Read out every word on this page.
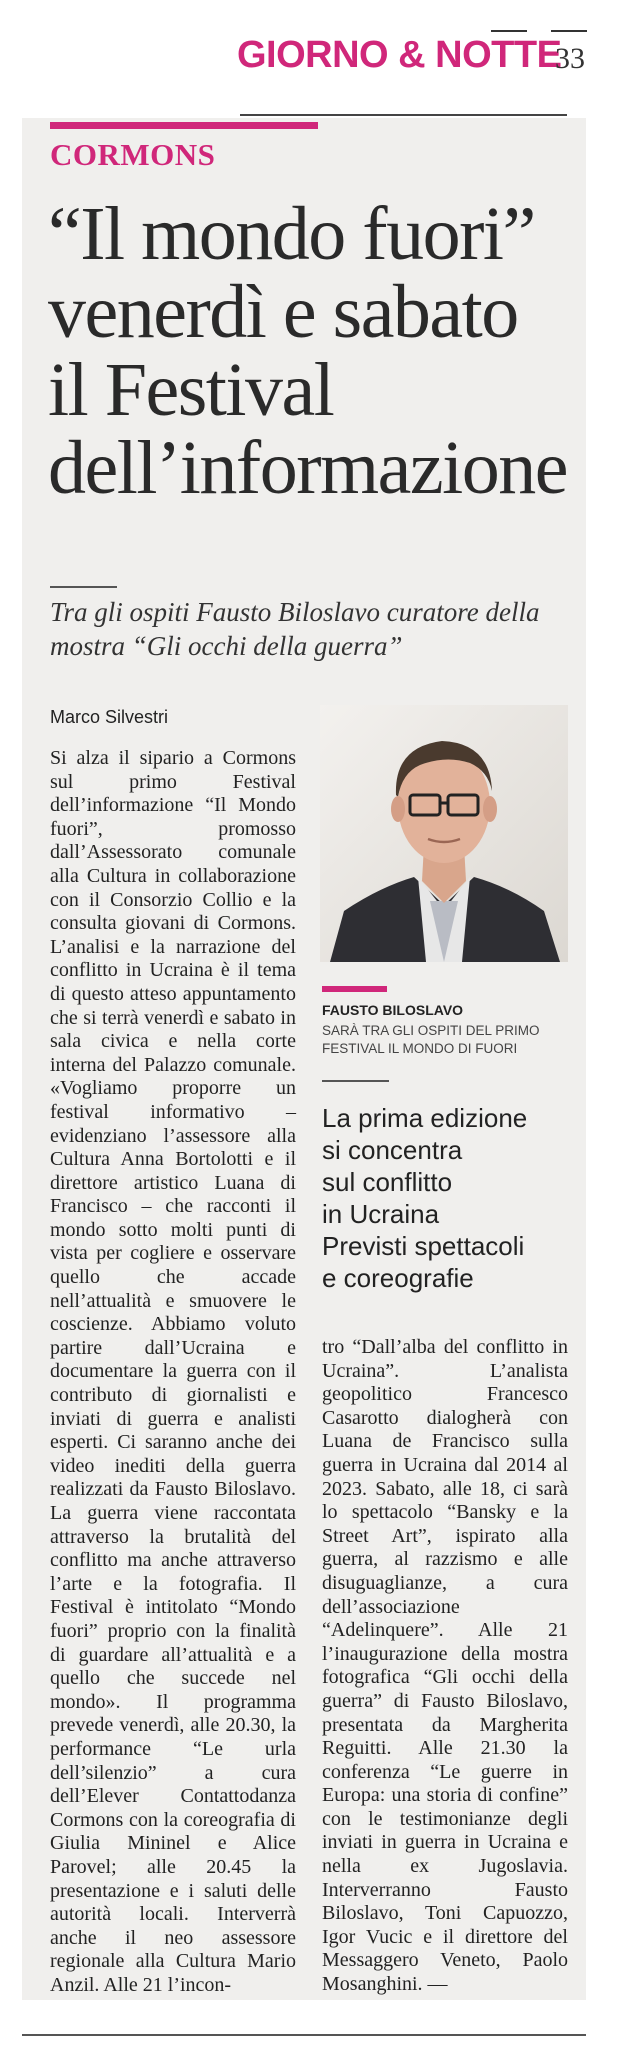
GIORNO & NOTTE
33
CORMONS
“Il mondo fuori”
venerdì e sabato
il Festival
dell’informazione
Tra gli ospiti Fausto Biloslavo curatore della mostra “Gli occhi della guerra”
Marco Silvestri
Si alza il sipario a Cormons sul primo Festival dell’informazione “Il Mondo fuori”, promosso dall’Assessorato comunale alla Cultura in collaborazione con il Consorzio Collio e la consulta giovani di Cormons. L’analisi e la narrazione del conflitto in Ucraina è il tema di questo atteso appuntamento che si terrà venerdì e sabato in sala civica e nella corte interna del Palazzo comunale. «Vogliamo proporre un festival informativo – evidenziano l’assessore alla Cultura Anna Bortolotti e il direttore artistico Luana di Francisco – che racconti il mondo sotto molti punti di vista per cogliere e osservare quello che accade nell’attualità e smuovere le coscienze. Abbiamo voluto partire dall’Ucraina e documentare la guerra con il contributo di giornalisti e inviati di guerra e analisti esperti. Ci saranno anche dei video inediti della guerra realizzati da Fausto Biloslavo. La guerra viene raccontata attraverso la brutalità del conflitto ma anche attraverso l’arte e la fotografia. Il Festival è intitolato “Mondo fuori” proprio con la finalità di guardare all’attualità e a quello che succede nel mondo». Il programma prevede venerdì, alle 20.30, la performance “Le urla dell’silenzio” a cura dell’Elever Contattodanza Cormons con la coreografia di Giulia Mininel e Alice Parovel; alle 20.45 la presentazione e i saluti delle autorità locali. Interverrà anche il neo assessore regionale alla Cultura Mario Anzil. Alle 21 l’incon-
FAUSTO BILOSLAVO
SARÀ TRA GLI OSPITI DEL PRIMO FESTIVAL IL MONDO DI FUORI
La prima edizione
si concentra
sul conflitto
in Ucraina
Previsti spettacoli
e coreografie
tro “Dall’alba del conflitto in Ucraina”. L’analista geopolitico Francesco Casarotto dialogherà con Luana de Francisco sulla guerra in Ucraina dal 2014 al 2023. Sabato, alle 18, ci sarà lo spettacolo “Bansky e la Street Art”, ispirato alla guerra, al razzismo e alle disuguaglianze, a cura dell’associazione “Adelinquere”. Alle 21 l’inaugurazione della mostra fotografica “Gli occhi della guerra” di Fausto Biloslavo, presentata da Margherita Reguitti. Alle 21.30 la conferenza “Le guerre in Europa: una storia di confine” con le testimonianze degli inviati in guerra in Ucraina e nella ex Jugoslavia. Interverranno Fausto Biloslavo, Toni Capuozzo, Igor Vucic e il direttore del Messaggero Veneto, Paolo Mosanghini. —
